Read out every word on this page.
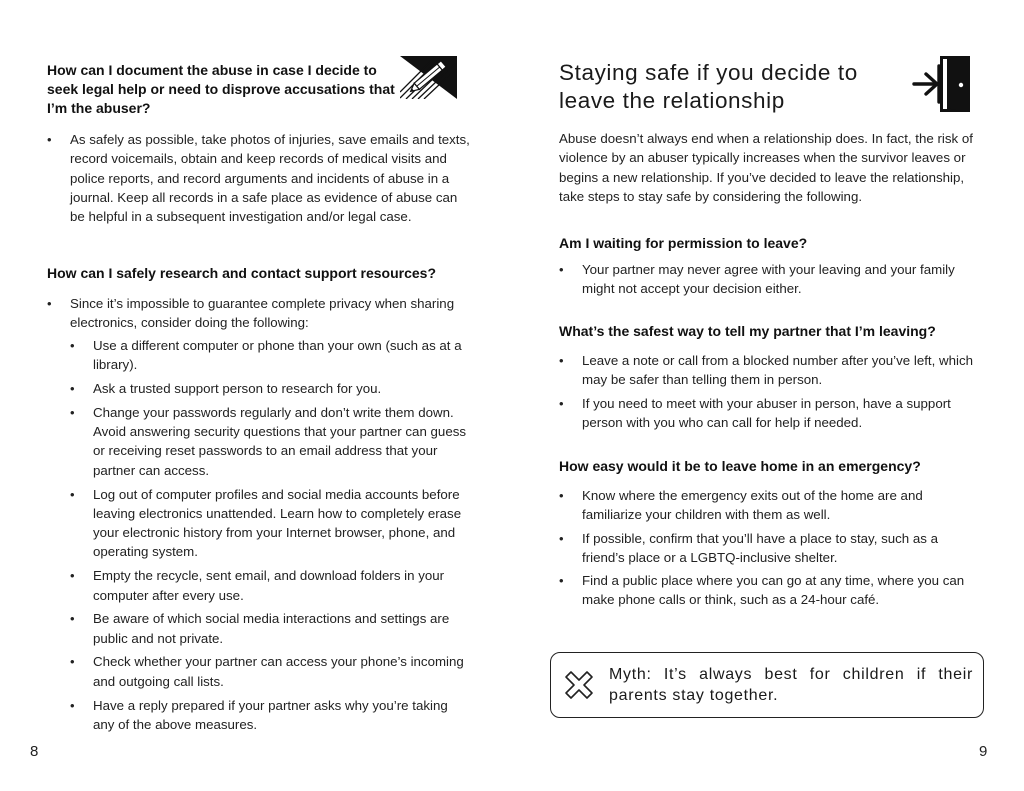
How can I document the abuse in case I decide to seek legal help or need to disprove accusations that I’m the abuser?
• As safely as possible, take photos of injuries, save emails and texts, record voicemails, obtain and keep records of medical visits and police reports, and record arguments and incidents of abuse in a journal. Keep all records in a safe place as evidence of abuse can be helpful in a subsequent investigation and/or legal case.
How can I safely research and contact support resources?
• Since it’s impossible to guarantee complete privacy when sharing electronics, consider doing the following:
• Use a different computer or phone than your own (such as at a library).
• Ask a trusted support person to research for you.
• Change your passwords regularly and don’t write them down. Avoid answering security questions that your partner can guess or receiving reset passwords to an email address that your partner can access.
• Log out of computer profiles and social media accounts before leaving electronics unattended. Learn how to completely erase your electronic history from your Internet browser, phone, and operating system.
• Empty the recycle, sent email, and download folders in your computer after every use.
• Be aware of which social media interactions and settings are public and not private.
• Check whether your partner can access your phone’s incoming and outgoing call lists.
• Have a reply prepared if your partner asks why you’re taking any of the above measures.
8
Staying safe if you decide to leave the relationship
Abuse doesn’t always end when a relationship does. In fact, the risk of violence by an abuser typically increases when the survivor leaves or begins a new relationship. If you’ve decided to leave the relationship, take steps to stay safe by considering the following.
Am I waiting for permission to leave?
• Your partner may never agree with your leaving and your family might not accept your decision either.
What’s the safest way to tell my partner that I’m leaving?
• Leave a note or call from a blocked number after you’ve left, which may be safer than telling them in person.
• If you need to meet with your abuser in person, have a support person with you who can call for help if needed.
How easy would it be to leave home in an emergency?
• Know where the emergency exits out of the home are and familiarize your children with them as well.
• If possible, confirm that you’ll have a place to stay, such as a friend’s place or a LGBTQ-inclusive shelter.
• Find a public place where you can go at any time, where you can make phone calls or think, such as a 24-hour café.
Myth: It’s always best for children if their parents stay together.
9
